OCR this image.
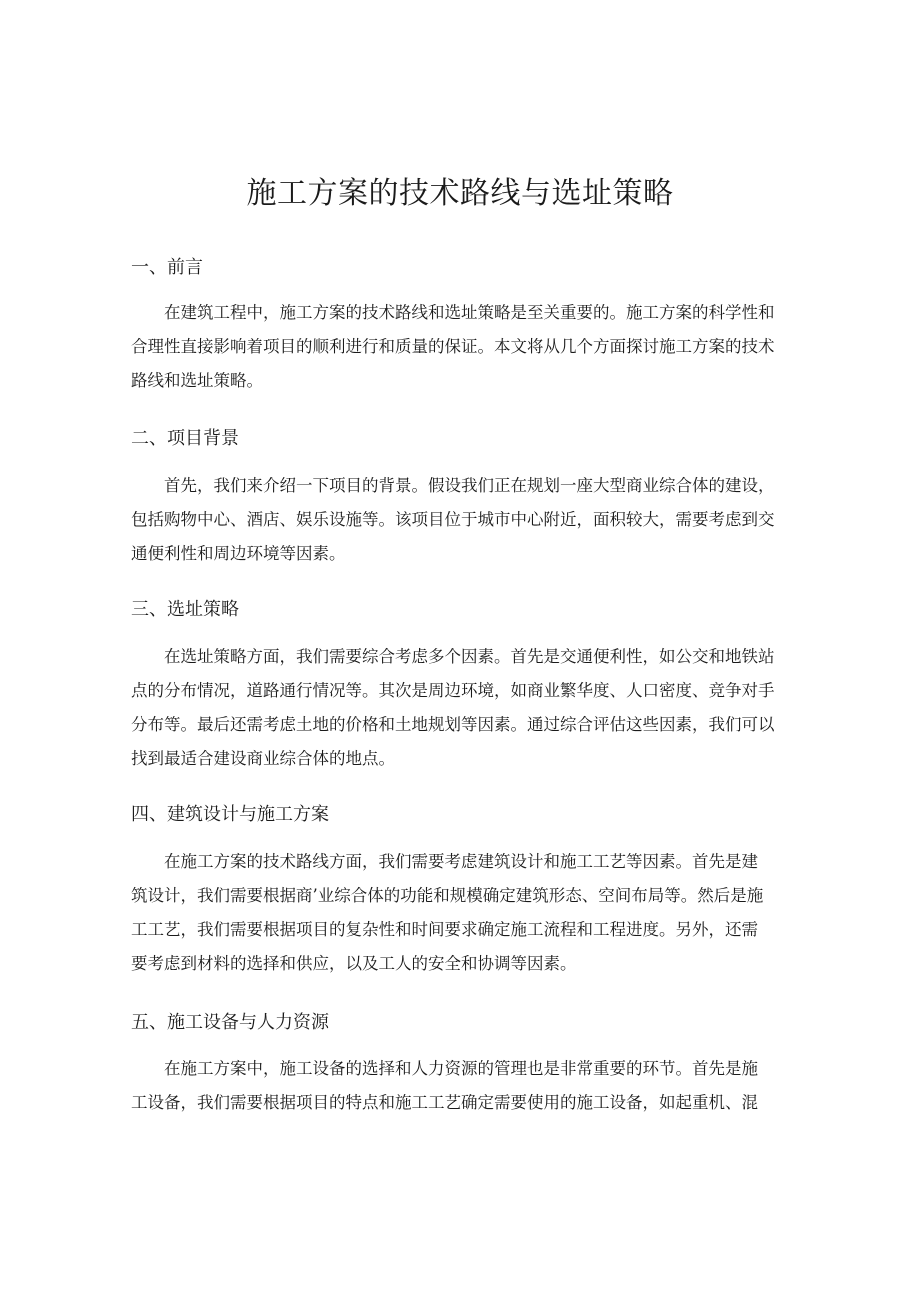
施工方案的技术路线与选址策略
一、前言

在建筑工程中，施工方案的技术路线和选址策略是至关重要的。施工方案的科学性和
合理性直接影响着项目的顺利进行和质量的保证。本文将从几个方面探讨施工方案的技术
路线和选址策略。

二、项目背景

首先，我们来介绍一下项目的背景。假设我们正在规划一座大型商业综合体的建设，
包括购物中心、酒店、娱乐设施等。该项目位于城市中心附近，面积较大，需要考虑到交
通便利性和周边环境等因素。

三、选址策略

在选址策略方面，我们需要综合考虑多个因素。首先是交通便利性，如公交和地铁站
点的分布情况，道路通行情况等。其次是周边环境，如商业繁华度、人口密度、竞争对手
分布等。最后还需考虑土地的价格和土地规划等因素。通过综合评估这些因素，我们可以
找到最适合建设商业综合体的地点。

四、建筑设计与施工方案

在施工方案的技术路线方面，我们需要考虑建筑设计和施工工艺等因素。首先是建
筑设计，我们需要根据商’业综合体的功能和规模确定建筑形态、空间布局等。然后是施
工工艺，我们需要根据项目的复杂性和时间要求确定施工流程和工程进度。另外，还需
要考虑到材料的选择和供应，以及工人的安全和协调等因素。

五、施工设备与人力资源

在施工方案中，施工设备的选择和人力资源的管理也是非常重要的环节。首先是施
工设备，我们需要根据项目的特点和施工工艺确定需要使用的施工设备，如起重机、混
